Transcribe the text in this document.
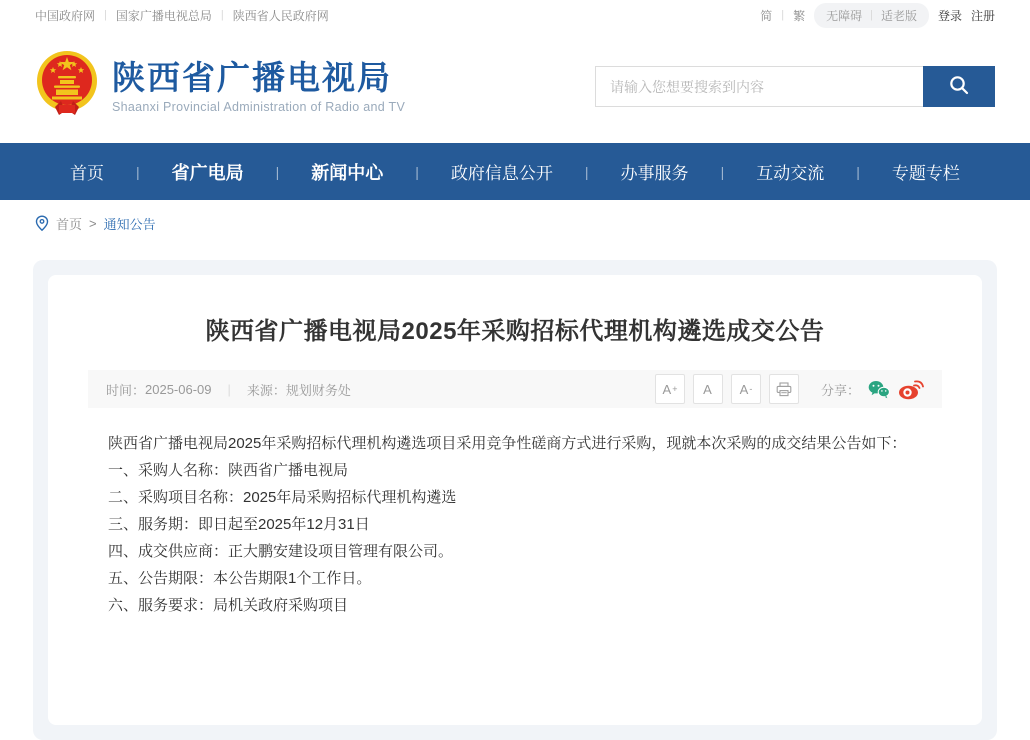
中国政府网 | 国家广播电视总局 | 陕西省人民政府网	简 | 繁 无障碍 | 适老版 登录 注册
陕西省广播电视局
Shaanxi Provincial Administration of Radio and TV
请输入您想要搜索到内容
首页 | 省广电局 | 新闻中心 | 政府信息公开 | 办事服务 | 互动交流 | 专题专栏
首页 > 通知公告
陕西省广播电视局2025年采购招标代理机构遴选成交公告
时间： 2025-06-09 | 来源： 规划财务处	A + A A -	分享：

陕西省广播电视局2025年采购招标代理机构遴选项目采用竞争性磋商方式进行采购，现就本次采购的成交结果公告如下：

一、采购人名称：陕西省广播电视局

二、采购项目名称：2025年局采购招标代理机构遴选

三、服务期：即日起至2025年12月31日

四、成交供应商：正大鹏安建设项目管理有限公司。

五、公告期限：本公告期限1个工作日。

六、服务要求：局机关政府采购项目
